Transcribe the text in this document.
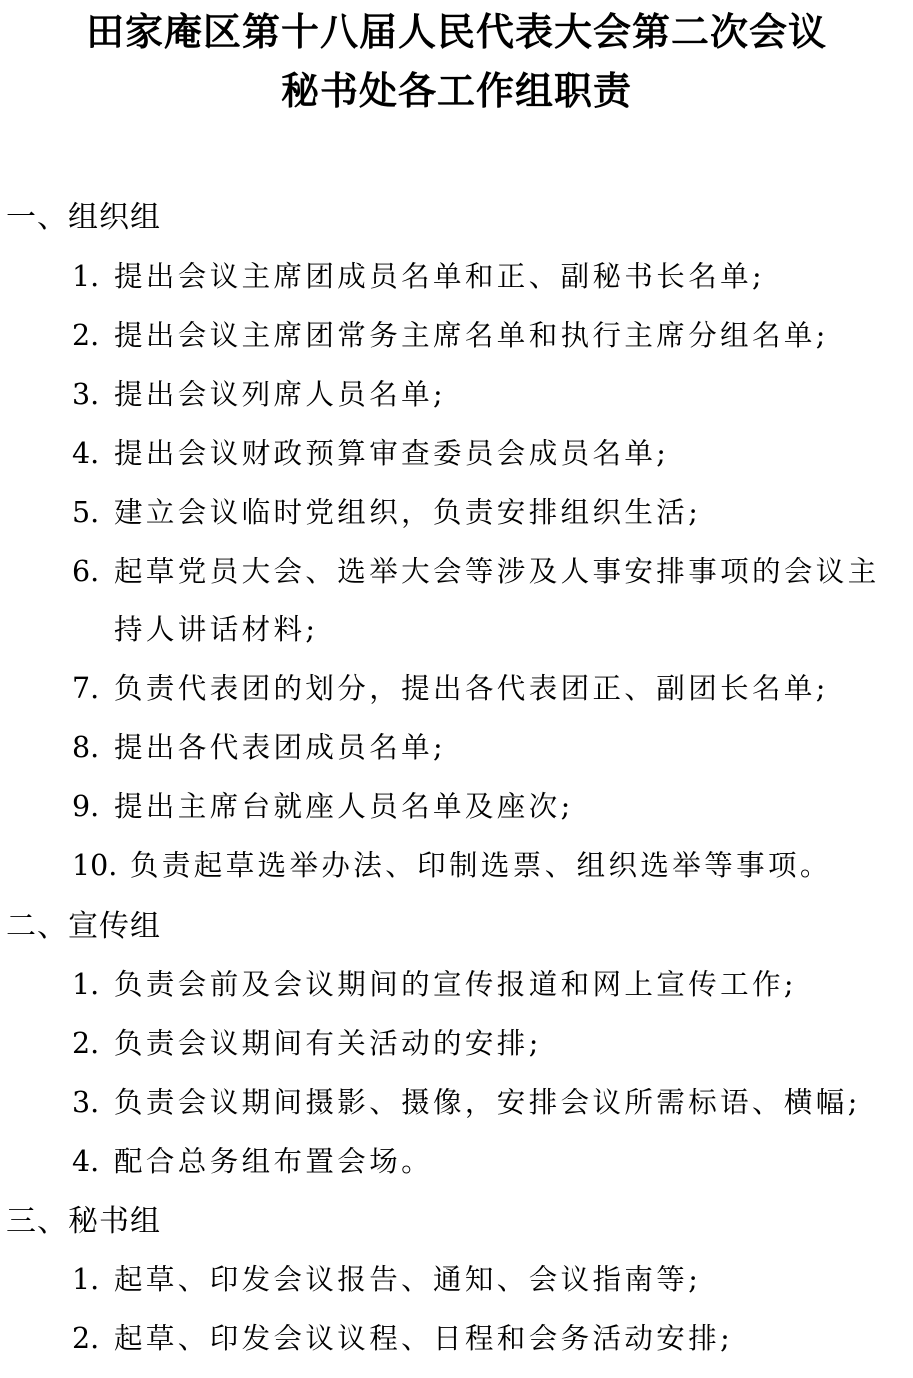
田家庵区第十八届人民代表大会第二次会议
秘书处各工作组职责
一、组织组
1. 提出会议主席团成员名单和正、副秘书长名单;
2. 提出会议主席团常务主席名单和执行主席分组名单;
3. 提出会议列席人员名单;
4. 提出会议财政预算审查委员会成员名单;
5. 建立会议临时党组织，负责安排组织生活;
6. 起草党员大会、选举大会等涉及人事安排事项的会议主
持人讲话材料;
7. 负责代表团的划分，提出各代表团正、副团长名单;
8. 提出各代表团成员名单;
9. 提出主席台就座人员名单及座次;
10. 负责起草选举办法、印制选票、组织选举等事项。
二、宣传组
1. 负责会前及会议期间的宣传报道和网上宣传工作;
2. 负责会议期间有关活动的安排;
3. 负责会议期间摄影、摄像，安排会议所需标语、横幅;
4. 配合总务组布置会场。
三、秘书组
1. 起草、印发会议报告、通知、会议指南等;
2. 起草、印发会议议程、日程和会务活动安排;
